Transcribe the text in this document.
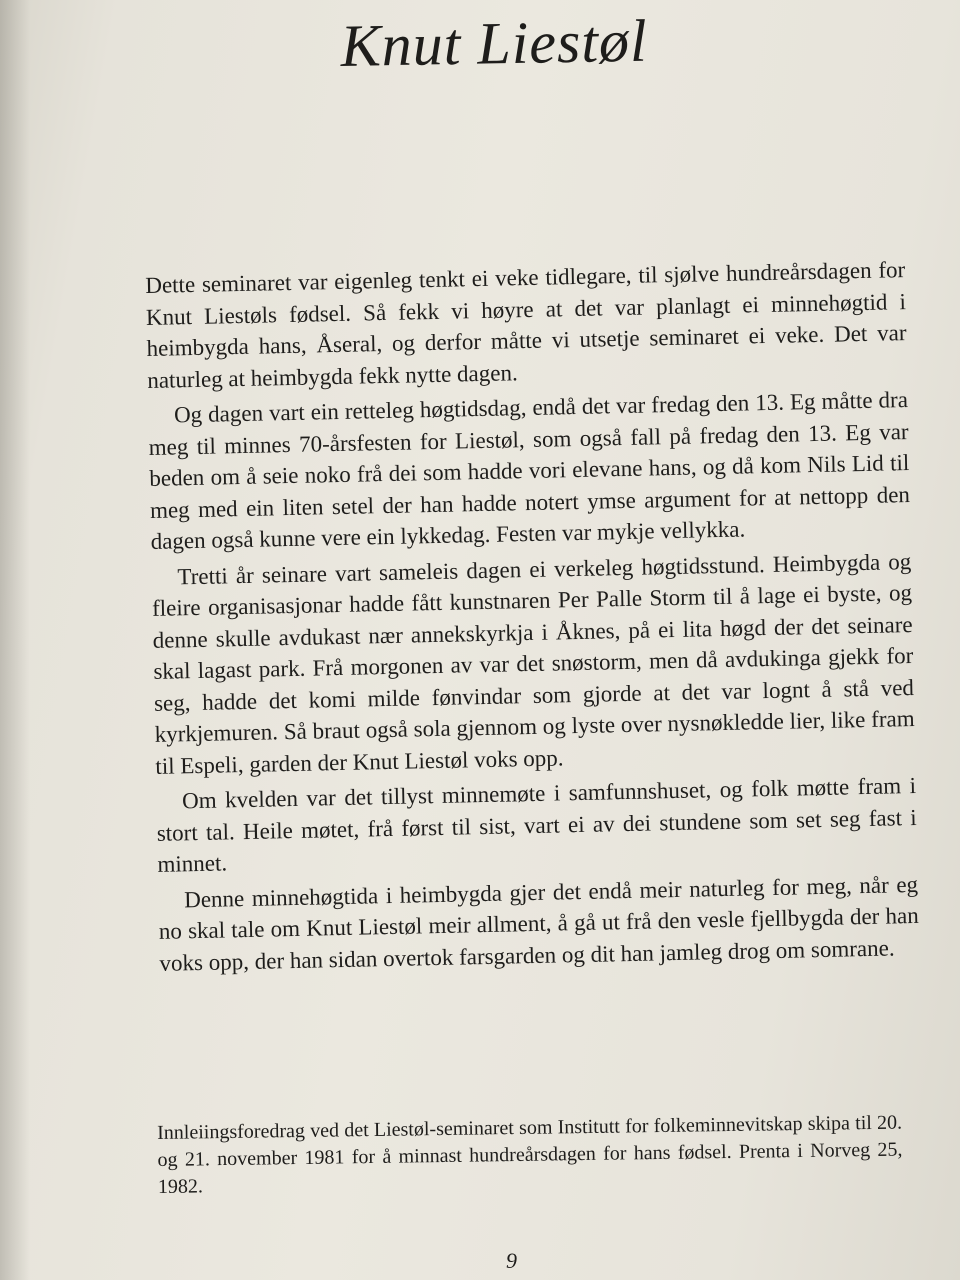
Knut Liestøl

Dette seminaret var eigenleg tenkt ei veke tidlegare, til sjølve hundreårsdagen for Knut Liestøls fødsel. Så fekk vi høyre at det var planlagt ei minnehøgtid i heimbygda hans, Åseral, og derfor måtte vi utsetje seminaret ei veke. Det var naturleg at heimbygda fekk nytte dagen.

Og dagen vart ein retteleg høgtidsdag, endå det var fredag den 13. Eg måtte dra meg til minnes 70-årsfesten for Liestøl, som også fall på fredag den 13. Eg var beden om å seie noko frå dei som hadde vori elevane hans, og då kom Nils Lid til meg med ein liten setel der han hadde notert ymse argument for at nettopp den dagen også kunne vere ein lykkedag. Festen var mykje vellykka.

Tretti år seinare vart sameleis dagen ei verkeleg høgtidsstund. Heimbygda og fleire organisasjonar hadde fått kunstnaren Per Palle Storm til å lage ei byste, og denne skulle avdukast nær annekskyrkja i Åknes, på ei lita høgd der det seinare skal lagast park. Frå morgonen av var det snøstorm, men då avdukinga gjekk for seg, hadde det komi milde fønvindar som gjorde at det var lognt å stå ved kyrkjemuren. Så braut også sola gjennom og lyste over nysnøkledde lier, like fram til Espeli, garden der Knut Liestøl voks opp.

Om kvelden var det tillyst minnemøte i samfunnshuset, og folk møtte fram i stort tal. Heile møtet, frå først til sist, vart ei av dei stundene som set seg fast i minnet.

Denne minnehøgtida i heimbygda gjer det endå meir naturleg for meg, når eg no skal tale om Knut Liestøl meir allment, å gå ut frå den vesle fjellbygda der han voks opp, der han sidan overtok farsgarden og dit han jamleg drog om somrane.

Innleiingsforedrag ved det Liestøl-seminaret som Institutt for folkeminnevitskap skipa til 20. og 21. november 1981 for å minnast hundreårsdagen for hans fødsel. Prenta i Norveg 25, 1982.

9
